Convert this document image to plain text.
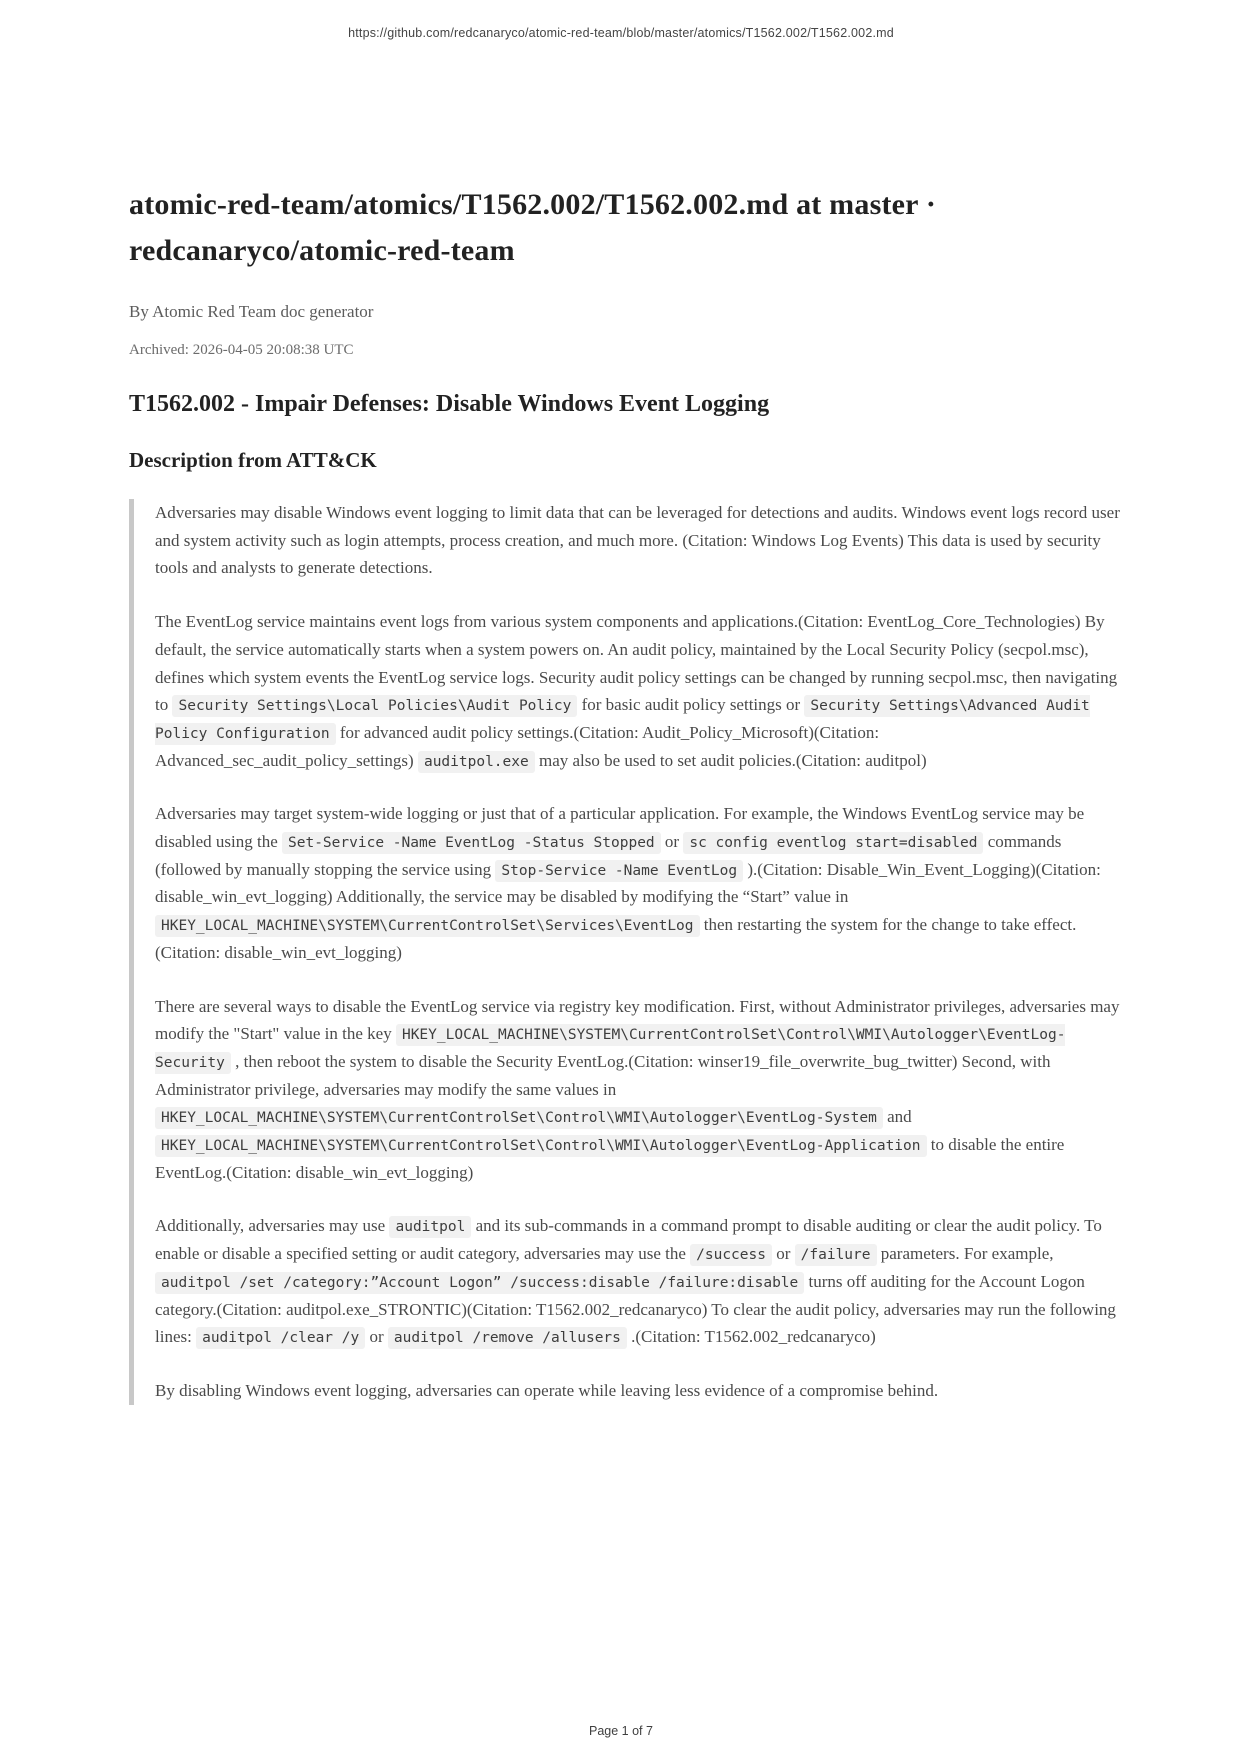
https://github.com/redcanaryco/atomic-red-team/blob/master/atomics/T1562.002/T1562.002.md
atomic-red-team/atomics/T1562.002/T1562.002.md at master · redcanaryco/atomic-red-team
By Atomic Red Team doc generator
Archived: 2026-04-05 20:08:38 UTC
T1562.002 - Impair Defenses: Disable Windows Event Logging
Description from ATT&CK

Adversaries may disable Windows event logging to limit data that can be leveraged for detections and audits. Windows event logs record user and system activity such as login attempts, process creation, and much more. (Citation: Windows Log Events) This data is used by security tools and analysts to generate detections.

The EventLog service maintains event logs from various system components and applications.(Citation: EventLog_Core_Technologies) By default, the service automatically starts when a system powers on. An audit policy, maintained by the Local Security Policy (secpol.msc), defines which system events the EventLog service logs. Security audit policy settings can be changed by running secpol.msc, then navigating to Security Settings\Local Policies\Audit Policy for basic audit policy settings or Security Settings\Advanced Audit Policy Configuration for advanced audit policy settings.(Citation: Audit_Policy_Microsoft)(Citation: Advanced_sec_audit_policy_settings) auditpol.exe may also be used to set audit policies.(Citation: auditpol)

Adversaries may target system-wide logging or just that of a particular application. For example, the Windows EventLog service may be disabled using the Set-Service -Name EventLog -Status Stopped or sc config eventlog start=disabled commands (followed by manually stopping the service using Stop-Service -Name EventLog ).(Citation: Disable_Win_Event_Logging)(Citation: disable_win_evt_logging) Additionally, the service may be disabled by modifying the “Start” value in HKEY_LOCAL_MACHINE\SYSTEM\CurrentControlSet\Services\EventLog then restarting the system for the change to take effect.(Citation: disable_win_evt_logging)

There are several ways to disable the EventLog service via registry key modification. First, without Administrator privileges, adversaries may modify the "Start" value in the key HKEY_LOCAL_MACHINE\SYSTEM\CurrentControlSet\Control\WMI\Autologger\EventLog-Security , then reboot the system to disable the Security EventLog.(Citation: winser19_file_overwrite_bug_twitter) Second, with Administrator privilege, adversaries may modify the same values in HKEY_LOCAL_MACHINE\SYSTEM\CurrentControlSet\Control\WMI\Autologger\EventLog-System and HKEY_LOCAL_MACHINE\SYSTEM\CurrentControlSet\Control\WMI\Autologger\EventLog-Application to disable the entire EventLog.(Citation: disable_win_evt_logging)

Additionally, adversaries may use auditpol and its sub-commands in a command prompt to disable auditing or clear the audit policy. To enable or disable a specified setting or audit category, adversaries may use the /success or /failure parameters. For example, auditpol /set /category:”Account Logon” /success:disable /failure:disable turns off auditing for the Account Logon category.(Citation: auditpol.exe_STRONTIC)(Citation: T1562.002_redcanaryco) To clear the audit policy, adversaries may run the following lines: auditpol /clear /y or auditpol /remove /allusers .(Citation: T1562.002_redcanaryco)

By disabling Windows event logging, adversaries can operate while leaving less evidence of a compromise behind.

Page 1 of 7
